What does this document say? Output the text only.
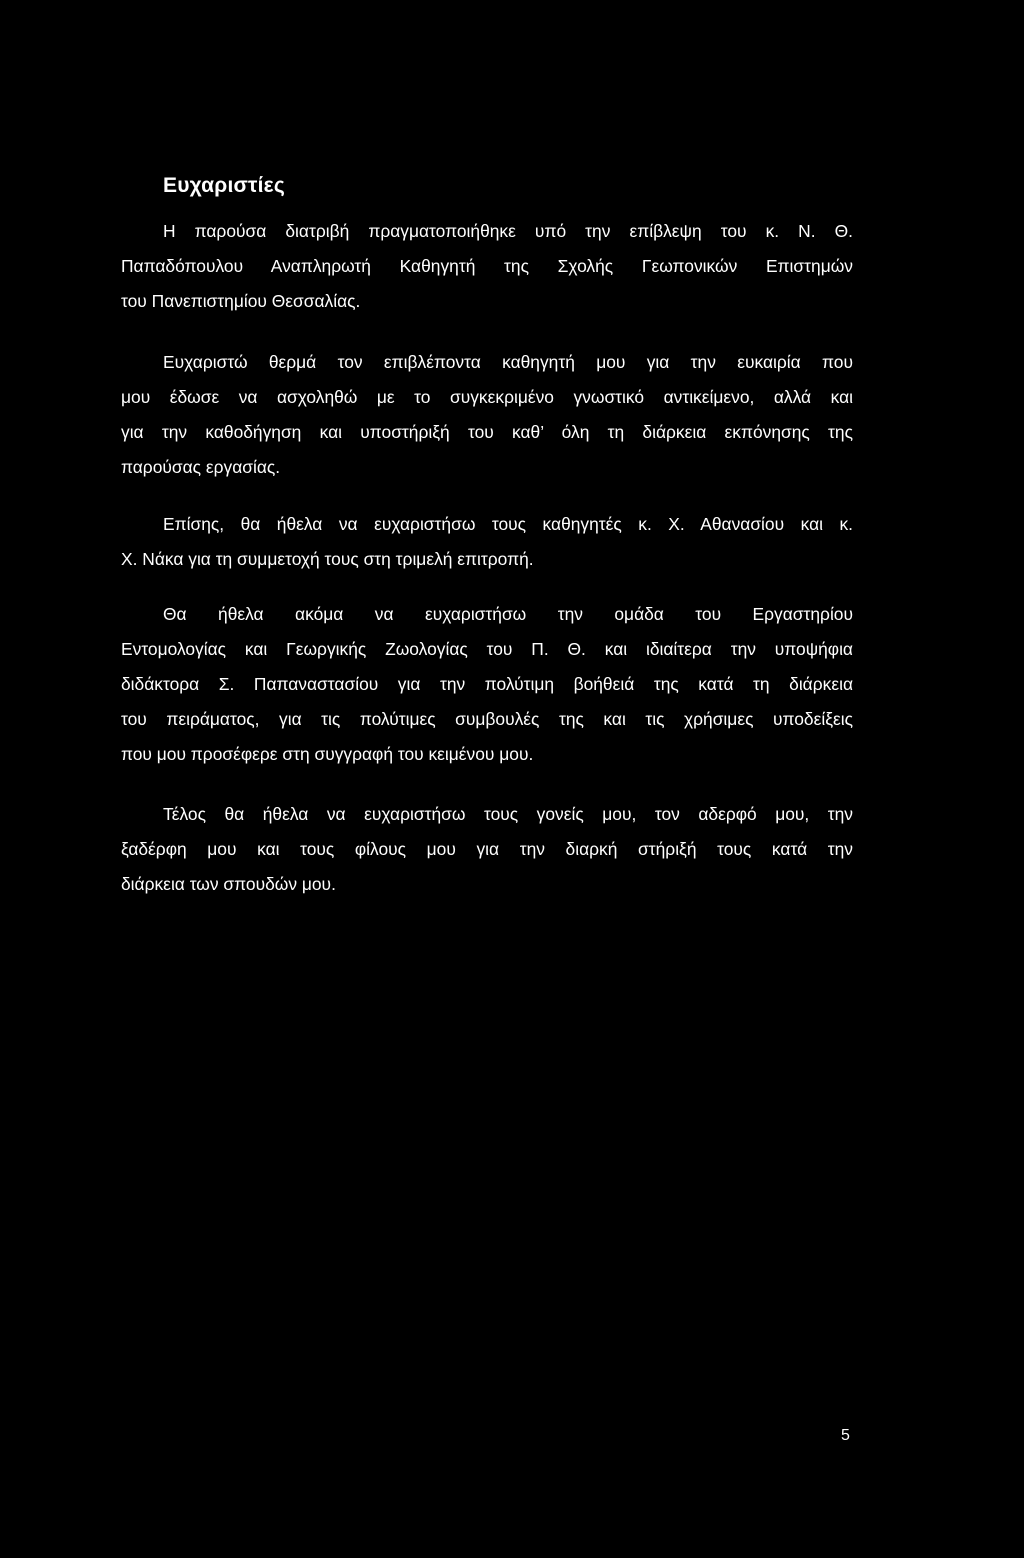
Ευχαριστίες

Η παρούσα διατριβή πραγματοποιήθηκε υπό την επίβλεψη του κ. Ν. Θ.
Παπαδόπουλου Αναπληρωτή Καθηγητή της Σχολής Γεωπονικών Επιστημών
του Πανεπιστημίου Θεσσαλίας.

Ευχαριστώ θερμά τον επιβλέποντα καθηγητή μου για την ευκαιρία που
μου έδωσε να ασχοληθώ με το συγκεκριμένο γνωστικό αντικείμενο, αλλά και
για την καθοδήγηση και υποστήριξή του καθ’ όλη τη διάρκεια εκπόνησης της
παρούσας εργασίας.

Επίσης, θα ήθελα να ευχαριστήσω τους καθηγητές κ. Χ. Αθανασίου και κ.
Χ. Νάκα για τη συμμετοχή τους στη τριμελή επιτροπή.

Θα ήθελα ακόμα να ευχαριστήσω την ομάδα του Εργαστηρίου
Εντομολογίας και Γεωργικής Ζωολογίας του Π. Θ. και ιδιαίτερα την υποψήφια
διδάκτορα Σ. Παπαναστασίου για την πολύτιμη βοήθειά της κατά τη διάρκεια
του πειράματος, για τις πολύτιμες συμβουλές της και τις χρήσιμες υποδείξεις
που μου προσέφερε στη συγγραφή του κειμένου μου.

Τέλος θα ήθελα να ευχαριστήσω τους γονείς μου, τον αδερφό μου, την
ξαδέρφη μου και τους φίλους μου για την διαρκή στήριξή τους κατά την
διάρκεια των σπουδών μου.

5
